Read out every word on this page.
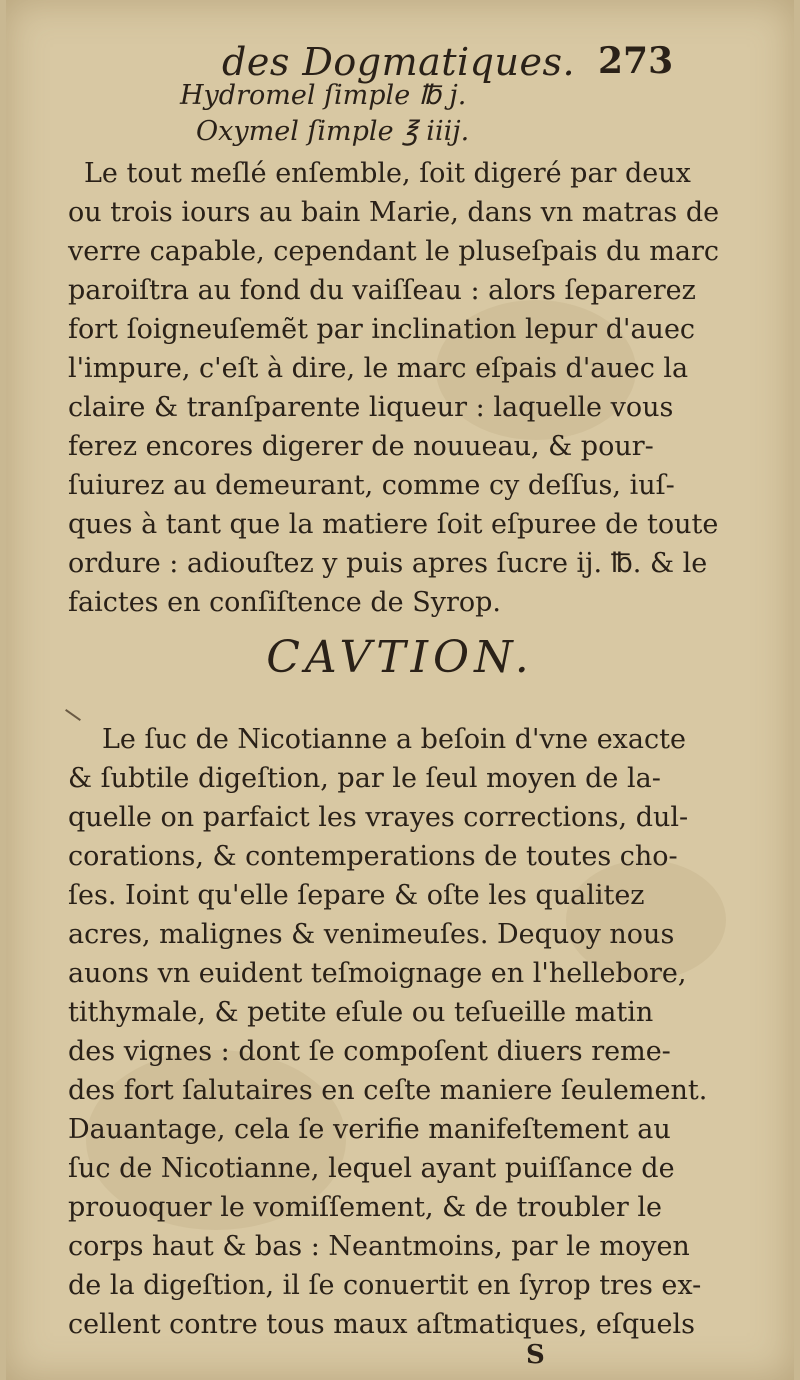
des Dogmatiques. 273
Hydromel ſimple ℔ j.
Oxymel ſimple ℥ iiij.
Le tout meſlé enſemble, ſoit digeré par deux
ou trois iours au bain Marie, dans vn matras de
verre capable, cependant le pluseſpais du marc
paroiſtra au fond du vaiſſeau : alors ſeparerez
fort ſoigneuſemẽt par inclination lepur d'auec
l'impure, c'eſt à dire, le marc eſpais d'auec la
claire & tranſparente liqueur : laquelle vous
ferez encores digerer de nouueau, & pour-
ſuiurez au demeurant, comme cy deſſus, iuſ-
ques à tant que la matiere ſoit eſpuree de toute
ordure : adiouſtez y puis apres ſucre ij. ℔. & le
faictes en conſiſtence de Syrop.
CAVTION.
Le ſuc de Nicotianne a beſoin d'vne exacte
& ſubtile digeſtion, par le ſeul moyen de la-
quelle on parfaict les vrayes corrections, dul-
corations, & contemperations de toutes cho-
ſes. Ioint qu'elle ſepare & oſte les qualitez
acres, malignes & venimeuſes. Dequoy nous
auons vn euident teſmoignage en l'hellebore,
tithymale, & petite eſule ou teſueille matin
des vignes : dont ſe compoſent diuers reme-
des fort ſalutaires en ceſte maniere ſeulement.
Dauantage, cela ſe verifie manifeſtement au
ſuc de Nicotianne, lequel ayant puiſſance de
prouoquer le vomiſſement, & de troubler le
corps haut & bas : Neantmoins, par le moyen
de la digeſtion, il ſe conuertit en ſyrop tres ex-
cellent contre tous maux aſtmatiques, eſquels
S
